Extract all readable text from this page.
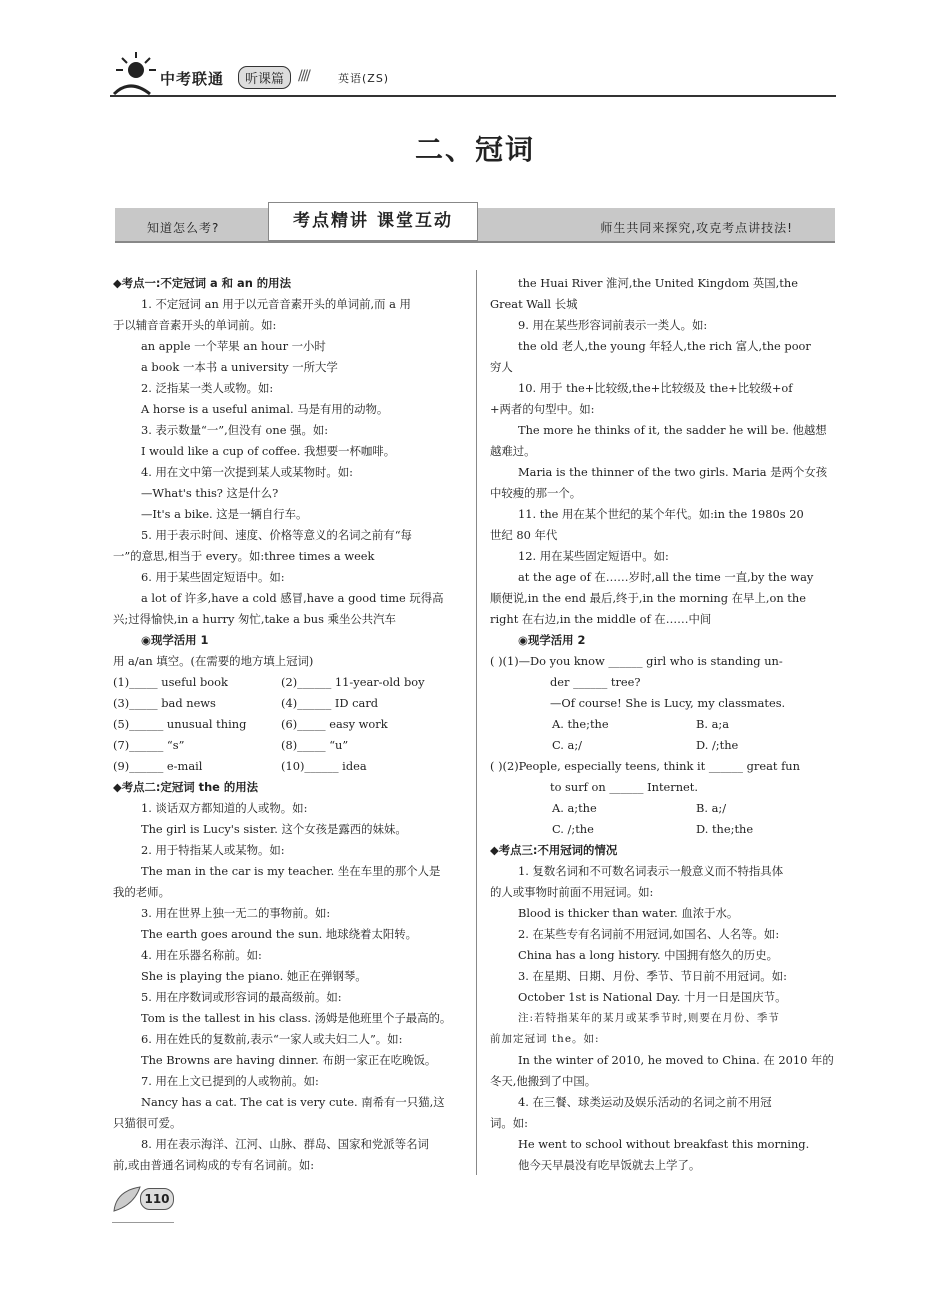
中考联通	听课篇 ////	英语(ZS)
二、冠词
知道怎么考?	考点精讲 课堂互动	师生共同来探究,攻克考点讲技法!
◆考点一:不定冠词 a 和 an 的用法
1. 不定冠词 an 用于以元音音素开头的单词前,而 a 用
于以辅音音素开头的单词前。如:
an apple 一个苹果 an hour 一小时
a book 一本书 a university 一所大学
2. 泛指某一类人或物。如:
A horse is a useful animal. 马是有用的动物。
3. 表示数量“一”,但没有 one 强。如:
I would like a cup of coffee. 我想要一杯咖啡。
4. 用在文中第一次提到某人或某物时。如:
—What's this? 这是什么?
—It's a bike. 这是一辆自行车。
5. 用于表示时间、速度、价格等意义的名词之前有“每
一”的意思,相当于 every。如:three times a week
6. 用于某些固定短语中。如:
a lot of 许多,have a cold 感冒,have a good time 玩得高
兴;过得愉快,in a hurry 匆忙,take a bus 乘坐公共汽车
◉现学活用 1
用 a/an 填空。(在需要的地方填上冠词)
(1)_____ useful book	(2)______ 11-year-old boy
(3)_____ bad news	(4)______ ID card
(5)______ unusual thing	(6)_____ easy work
(7)______ “s”	(8)_____ “u”
(9)______ e-mail	(10)______ idea
◆考点二:定冠词 the 的用法
1. 谈话双方都知道的人或物。如:
The girl is Lucy's sister. 这个女孩是露西的妹妹。
2. 用于特指某人或某物。如:
The man in the car is my teacher. 坐在车里的那个人是
我的老师。
3. 用在世界上独一无二的事物前。如:
The earth goes around the sun. 地球绕着太阳转。
4. 用在乐器名称前。如:
She is playing the piano. 她正在弹钢琴。
5. 用在序数词或形容词的最高级前。如:
Tom is the tallest in his class. 汤姆是他班里个子最高的。
6. 用在姓氏的复数前,表示“一家人或夫妇二人”。如:
The Browns are having dinner. 布朗一家正在吃晚饭。
7. 用在上文已提到的人或物前。如:
Nancy has a cat. The cat is very cute. 南希有一只猫,这
只猫很可爱。
8. 用在表示海洋、江河、山脉、群岛、国家和党派等名词
前,或由普通名词构成的专有名词前。如:
the Huai River 淮河,the United Kingdom 英国,the
Great Wall 长城
9. 用在某些形容词前表示一类人。如:
the old 老人,the young 年轻人,the rich 富人,the poor
穷人
10. 用于 the+比较级,the+比较级及 the+比较级+of
+两者的句型中。如:
The more he thinks of it, the sadder he will be. 他越想
越难过。
Maria is the thinner of the two girls. Maria 是两个女孩
中较瘦的那一个。
11. the 用在某个世纪的某个年代。如:in the 1980s 20
世纪 80 年代
12. 用在某些固定短语中。如:
at the age of 在……岁时,all the time 一直,by the way
顺便说,in the end 最后,终于,in the morning 在早上,on the
right 在右边,in the middle of 在……中间
◉现学活用 2
( )(1)—Do you know ______ girl who is standing un-
der ______ tree?
—Of course! She is Lucy, my classmates.
A. the;the	B. a;a
C. a;/	D. /;the
( )(2)People, especially teens, think it ______ great fun
to surf on ______ Internet.
A. a;the	B. a;/
C. /;the	D. the;the
◆考点三:不用冠词的情况
1. 复数名词和不可数名词表示一般意义而不特指具体
的人或事物时前面不用冠词。如:
Blood is thicker than water. 血浓于水。
2. 在某些专有名词前不用冠词,如国名、人名等。如:
China has a long history. 中国拥有悠久的历史。
3. 在星期、日期、月份、季节、节日前不用冠词。如:
October 1st is National Day. 十月一日是国庆节。
注:若特指某年的某月或某季节时,则要在月份、季节
前加定冠词 the。如:
In the winter of 2010, he moved to China. 在 2010 年的
冬天,他搬到了中国。
4. 在三餐、球类运动及娱乐活动的名词之前不用冠
词。如:
He went to school without breakfast this morning.
他今天早晨没有吃早饭就去上学了。
110
